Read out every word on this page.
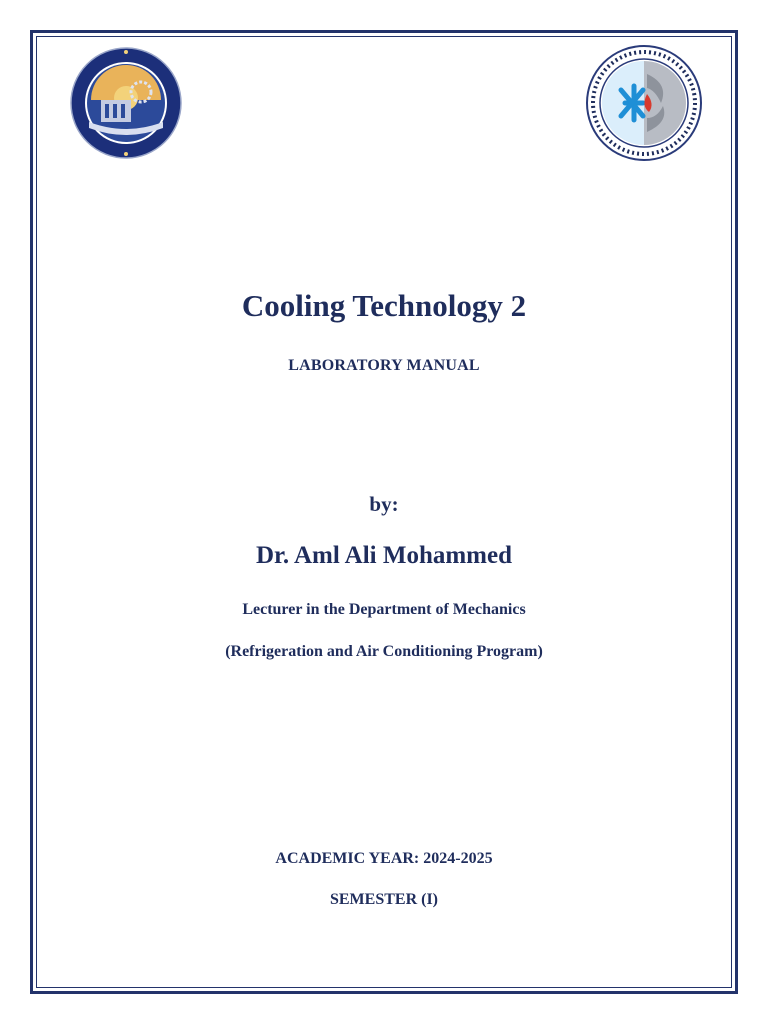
Cooling Technology 2
LABORATORY MANUAL
by:
Dr. Aml Ali Mohammed
Lecturer in the Department of Mechanics
(Refrigeration and Air Conditioning Program)
ACADEMIC YEAR: 2024-2025
SEMESTER (I)
